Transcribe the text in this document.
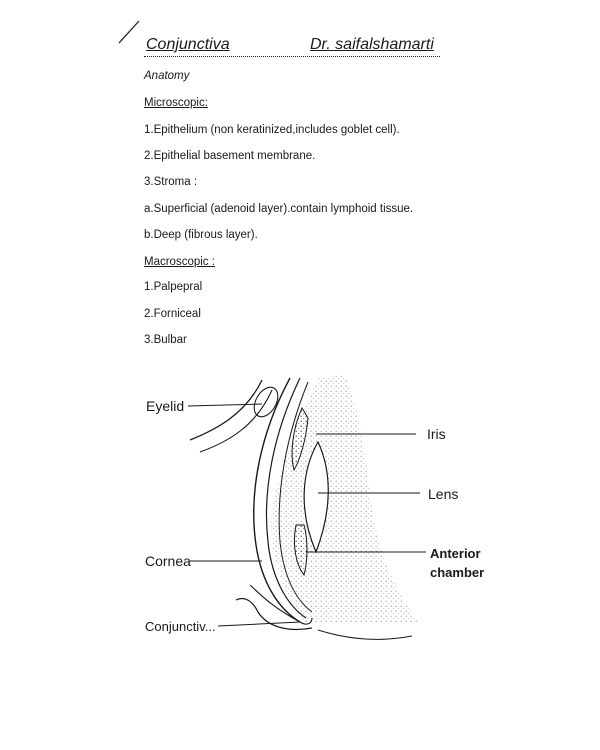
Conjunctiva	Dr. saifalshamarti
Anatomy
Microscopic:
1.Epithelium (non keratinized,includes goblet cell).
2.Epithelial basement membrane.
3.Stroma :
a.Superficial (adenoid layer).contain lymphoid tissue.
b.Deep (fibrous layer).
Macroscopic :
1.Palpepral
2.Forniceal
3.Bulbar
Eyelid
Iris
Lens
Anterior
chamber
Cornea
Conjunctiv...
